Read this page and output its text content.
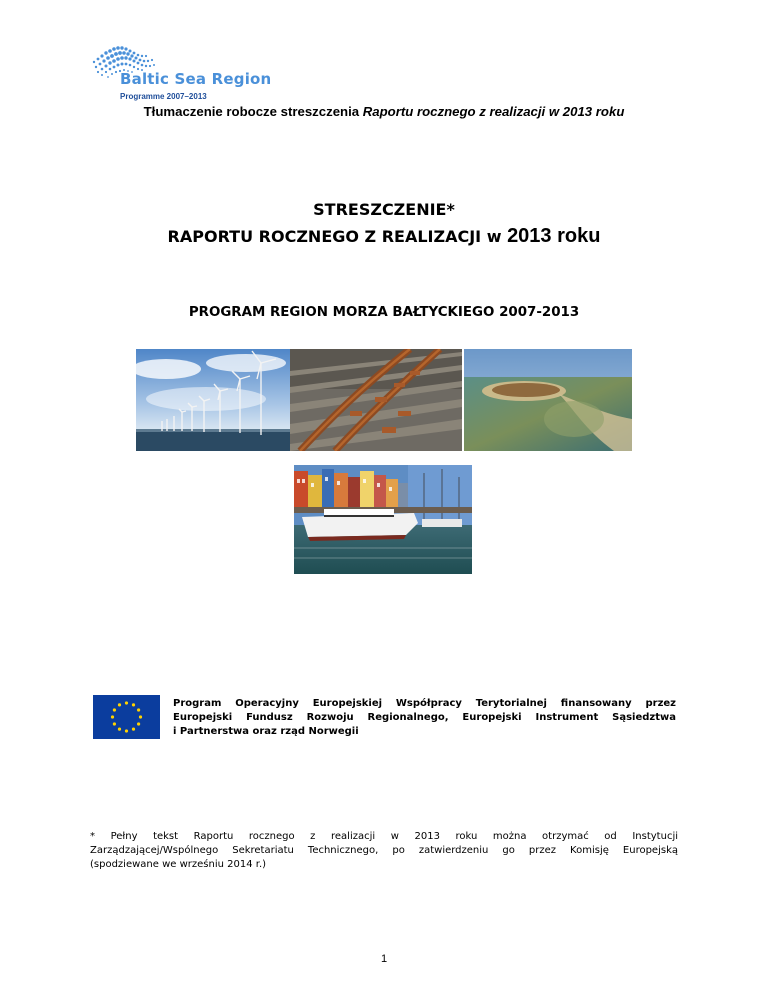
Baltic Sea Region
Programme 2007–2013
Tłumaczenie robocze streszczenia Raportu rocznego z realizacji w 2013 roku
STRESZCZENIE*
RAPORTU ROCZNEGO Z REALIZACJI w 2013 roku
PROGRAM REGION MORZA BAŁTYCKIEGO 2007-2013
Program Operacyjny Europejskiej Współpracy Terytorialnej finansowany przez
Europejski Fundusz Rozwoju Regionalnego, Europejski Instrument Sąsiedztwa
i Partnerstwa oraz rząd Norwegii
* Pełny tekst Raportu rocznego z realizacji w 2013 roku można otrzymać od Instytucji
Zarządzającej/Wspólnego Sekretariatu Technicznego, po zatwierdzeniu go przez Komisję Europejską
(spodziewane we wrześniu 2014 r.)
1
